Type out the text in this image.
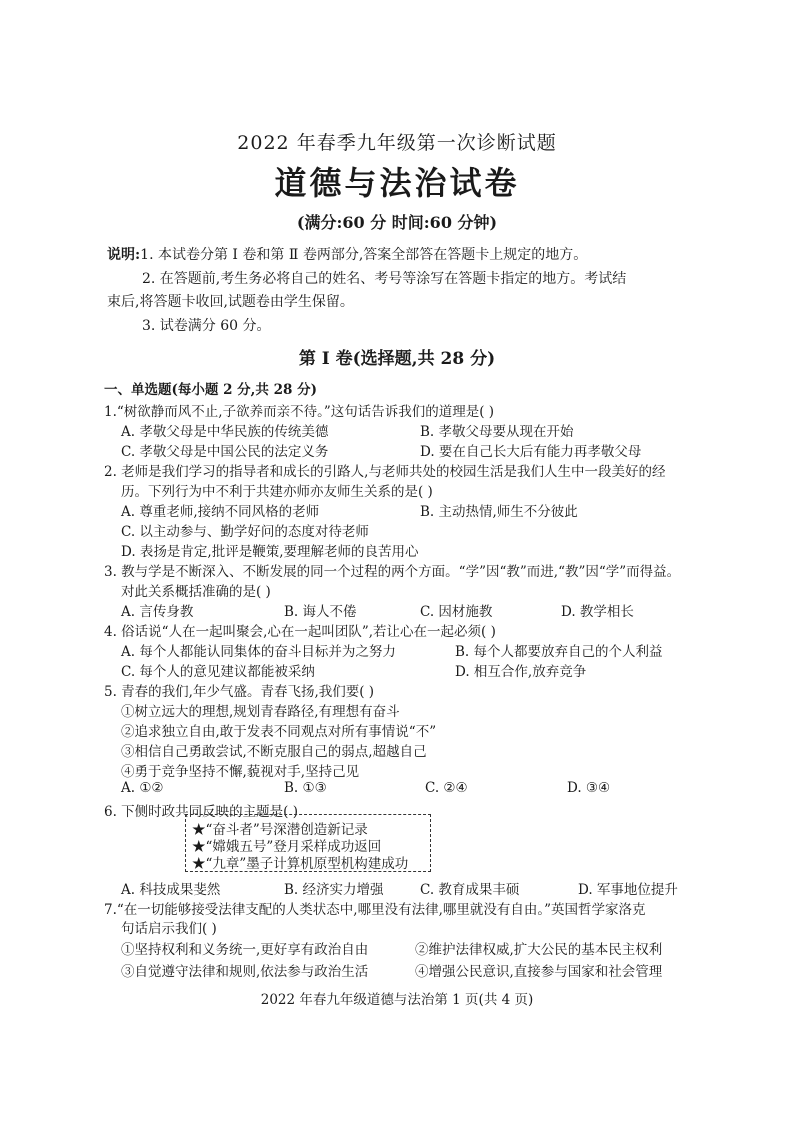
2022 年春季九年级第一次诊断试题
道德与法治试卷
(满分:60 分 时间:60 分钟)
说明:1. 本试卷分第 Ⅰ 卷和第 Ⅱ 卷两部分,答案全部答在答题卡上规定的地方。
2. 在答题前,考生务必将自己的姓名、考号等涂写在答题卡指定的地方。考试结
束后,将答题卡收回,试题卷由学生保留。
3. 试卷满分 60 分。
第 Ⅰ 卷(选择题,共 28 分)
一、单选题(每小题 2 分,共 28 分)
1.“树欲静而风不止,子欲养而亲不待。”这句话告诉我们的道理是( )
A. 孝敬父母是中华民族的传统美德	B. 孝敬父母要从现在开始
C. 孝敬父母是中国公民的法定义务	D. 要在自己长大后有能力再孝敬父母
2. 老师是我们学习的指导者和成长的引路人,与老师共处的校园生活是我们人生中一段美好的经
历。下列行为中不利于共建亦师亦友师生关系的是( )
A. 尊重老师,接纳不同风格的老师	B. 主动热情,师生不分彼此
C. 以主动参与、勤学好问的态度对待老师
D. 表扬是肯定,批评是鞭策,要理解老师的良苦用心
3. 教与学是不断深入、不断发展的同一个过程的两个方面。“学”因“教”而进,“教”因“学”而得益。
对此关系概括准确的是( )
A. 言传身教	B. 诲人不倦	C. 因材施教	D. 教学相长
4. 俗话说“人在一起叫聚会,心在一起叫团队”,若让心在一起必须( )
A. 每个人都能认同集体的奋斗目标并为之努力	B. 每个人都要放弃自己的个人利益
C. 每个人的意见建议都能被采纳	D. 相互合作,放弃竞争
5. 青春的我们,年少气盛。青春飞扬,我们要( )
①树立远大的理想,规划青春路径,有理想有奋斗
②追求独立自由,敢于发表不同观点对所有事情说“不”
③相信自己勇敢尝试,不断克服自己的弱点,超越自己
④勇于竞争坚持不懈,藐视对手,坚持己见
A. ①②	B. ①③	C. ②④	D. ③④
6. 下侧时政共同反映的主题是( )
★“奋斗者”号深潜创造新记录
★“嫦娥五号”登月采样成功返回
★“九章”墨子计算机原型机构建成功
A. 科技成果斐然	B. 经济实力增强	C. 教育成果丰硕	D. 军事地位提升
7.“在一切能够接受法律支配的人类状态中,哪里没有法律,哪里就没有自由。”英国哲学家洛克
句话启示我们( )
①坚持权利和义务统一,更好享有政治自由	②维护法律权威,扩大公民的基本民主权利
③自觉遵守法律和规则,依法参与政治生活	④增强公民意识,直接参与国家和社会管理
2022 年春九年级道德与法治第 1 页(共 4 页)
